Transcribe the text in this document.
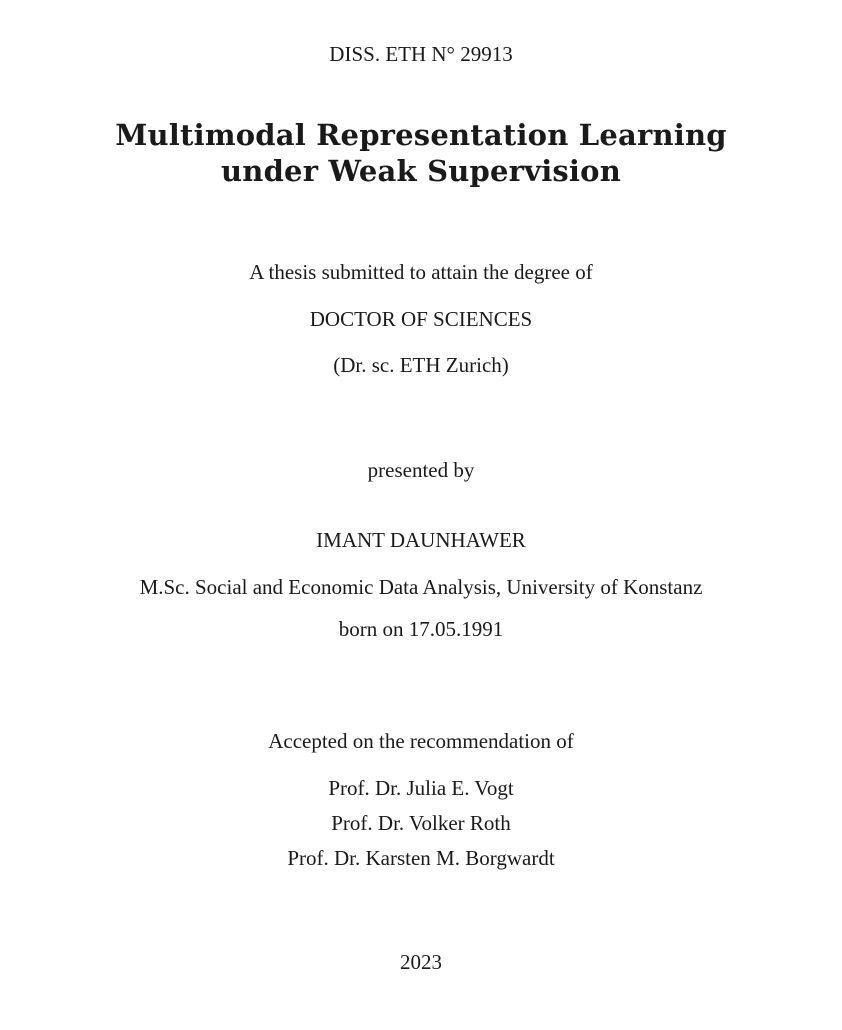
DISS. ETH N° 29913
Multimodal Representation Learning
under Weak Supervision
A thesis submitted to attain the degree of
DOCTOR OF SCIENCES
(Dr. sc. ETH Zurich)
presented by
IMANT DAUNHAWER
M.Sc. Social and Economic Data Analysis, University of Konstanz
born on 17.05.1991
Accepted on the recommendation of
Prof. Dr. Julia E. Vogt
Prof. Dr. Volker Roth
Prof. Dr. Karsten M. Borgwardt
2023
